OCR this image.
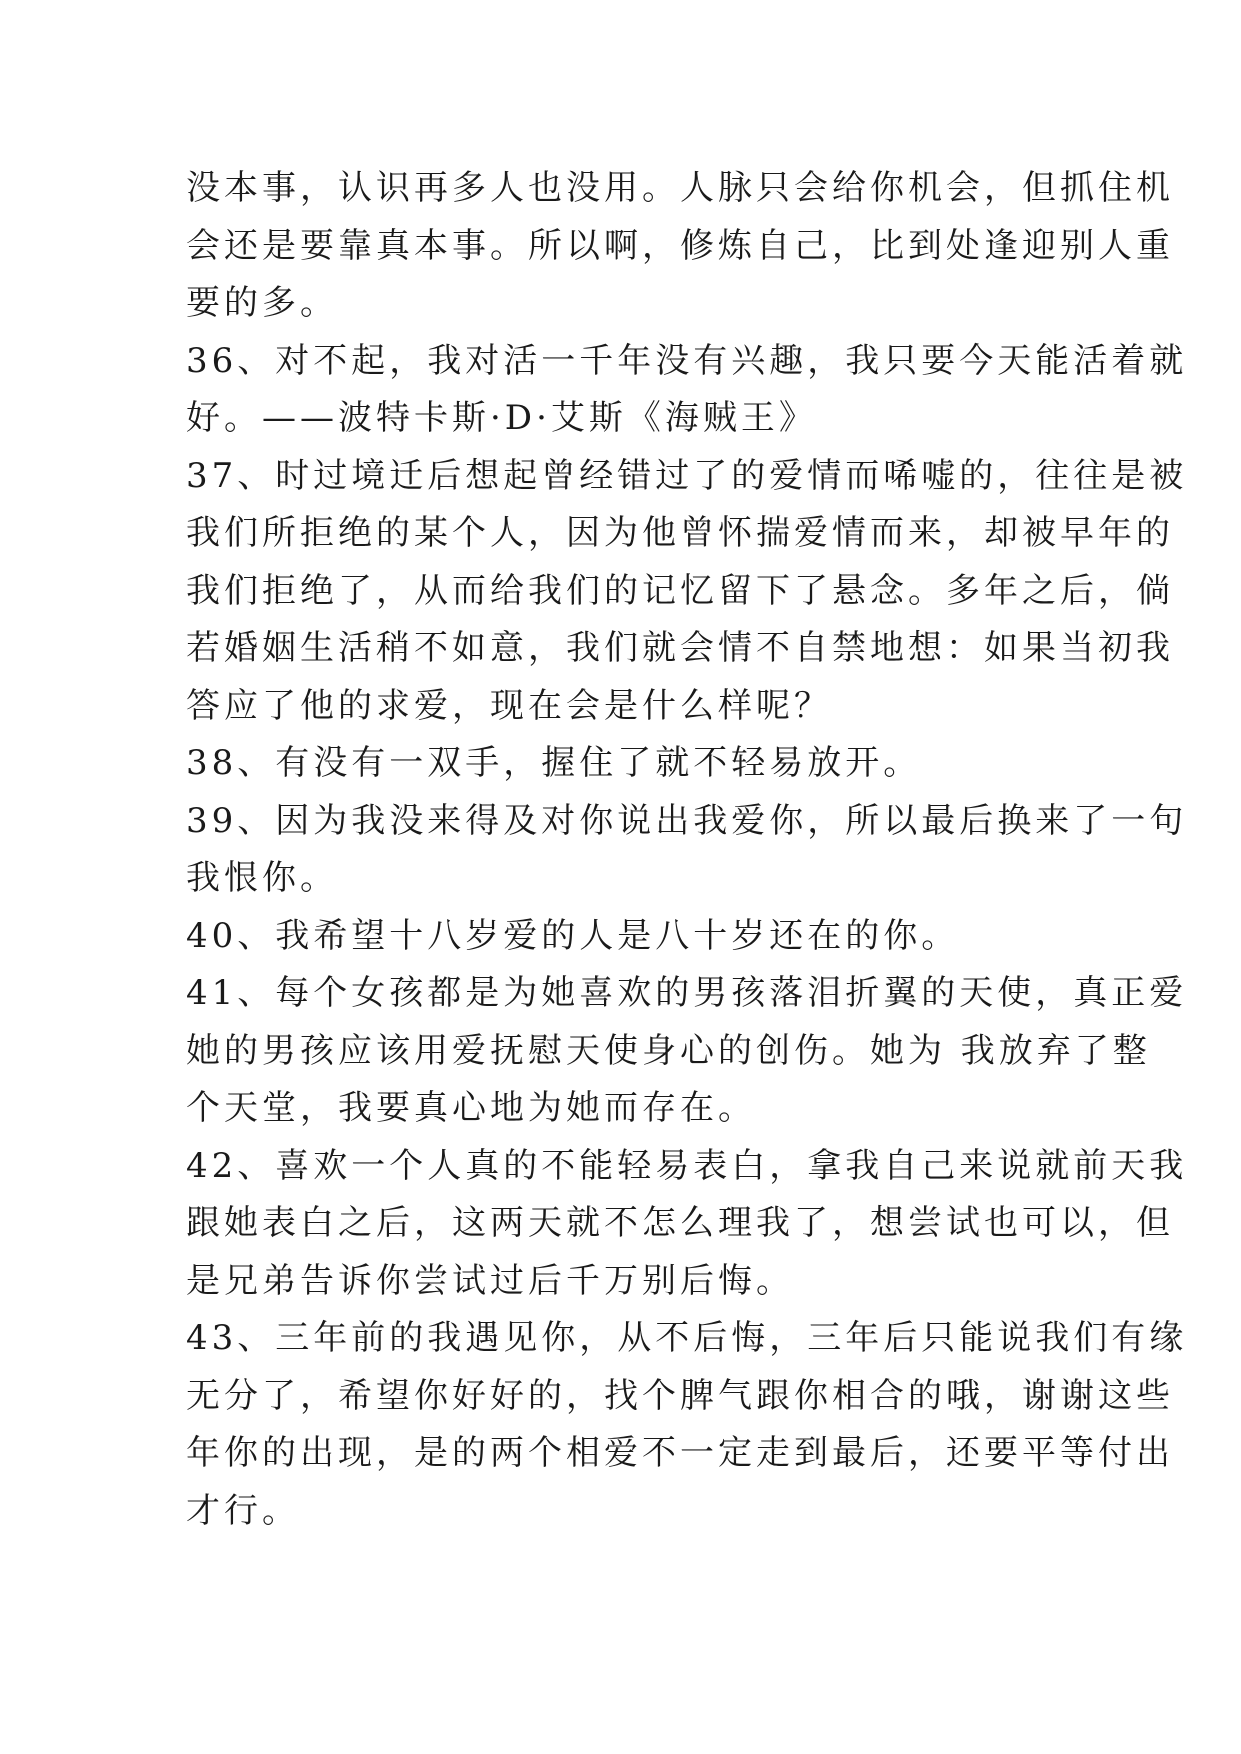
没本事，认识再多人也没用。人脉只会给你机会，但抓住机
会还是要靠真本事。所以啊，修炼自己，比到处逢迎别人重
要的多。
36、对不起，我对活一千年没有兴趣，我只要今天能活着就
好。——波特卡斯·D·艾斯《海贼王》
37、时过境迁后想起曾经错过了的爱情而唏嘘的，往往是被
我们所拒绝的某个人，因为他曾怀揣爱情而来，却被早年的
我们拒绝了，从而给我们的记忆留下了悬念。多年之后，倘
若婚姻生活稍不如意，我们就会情不自禁地想：如果当初我
答应了他的求爱，现在会是什么样呢？
38、有没有一双手，握住了就不轻易放开。
39、因为我没来得及对你说出我爱你，所以最后换来了一句
我恨你。
40、我希望十八岁爱的人是八十岁还在的你。
41、每个女孩都是为她喜欢的男孩落泪折翼的天使，真正爱
她的男孩应该用爱抚慰天使身心的创伤。她为 我放弃了整
个天堂，我要真心地为她而存在。
42、喜欢一个人真的不能轻易表白，拿我自己来说就前天我
跟她表白之后，这两天就不怎么理我了，想尝试也可以，但
是兄弟告诉你尝试过后千万别后悔。
43、三年前的我遇见你，从不后悔，三年后只能说我们有缘
无分了，希望你好好的，找个脾气跟你相合的哦，谢谢这些
年你的出现，是的两个相爱不一定走到最后，还要平等付出
才行。
